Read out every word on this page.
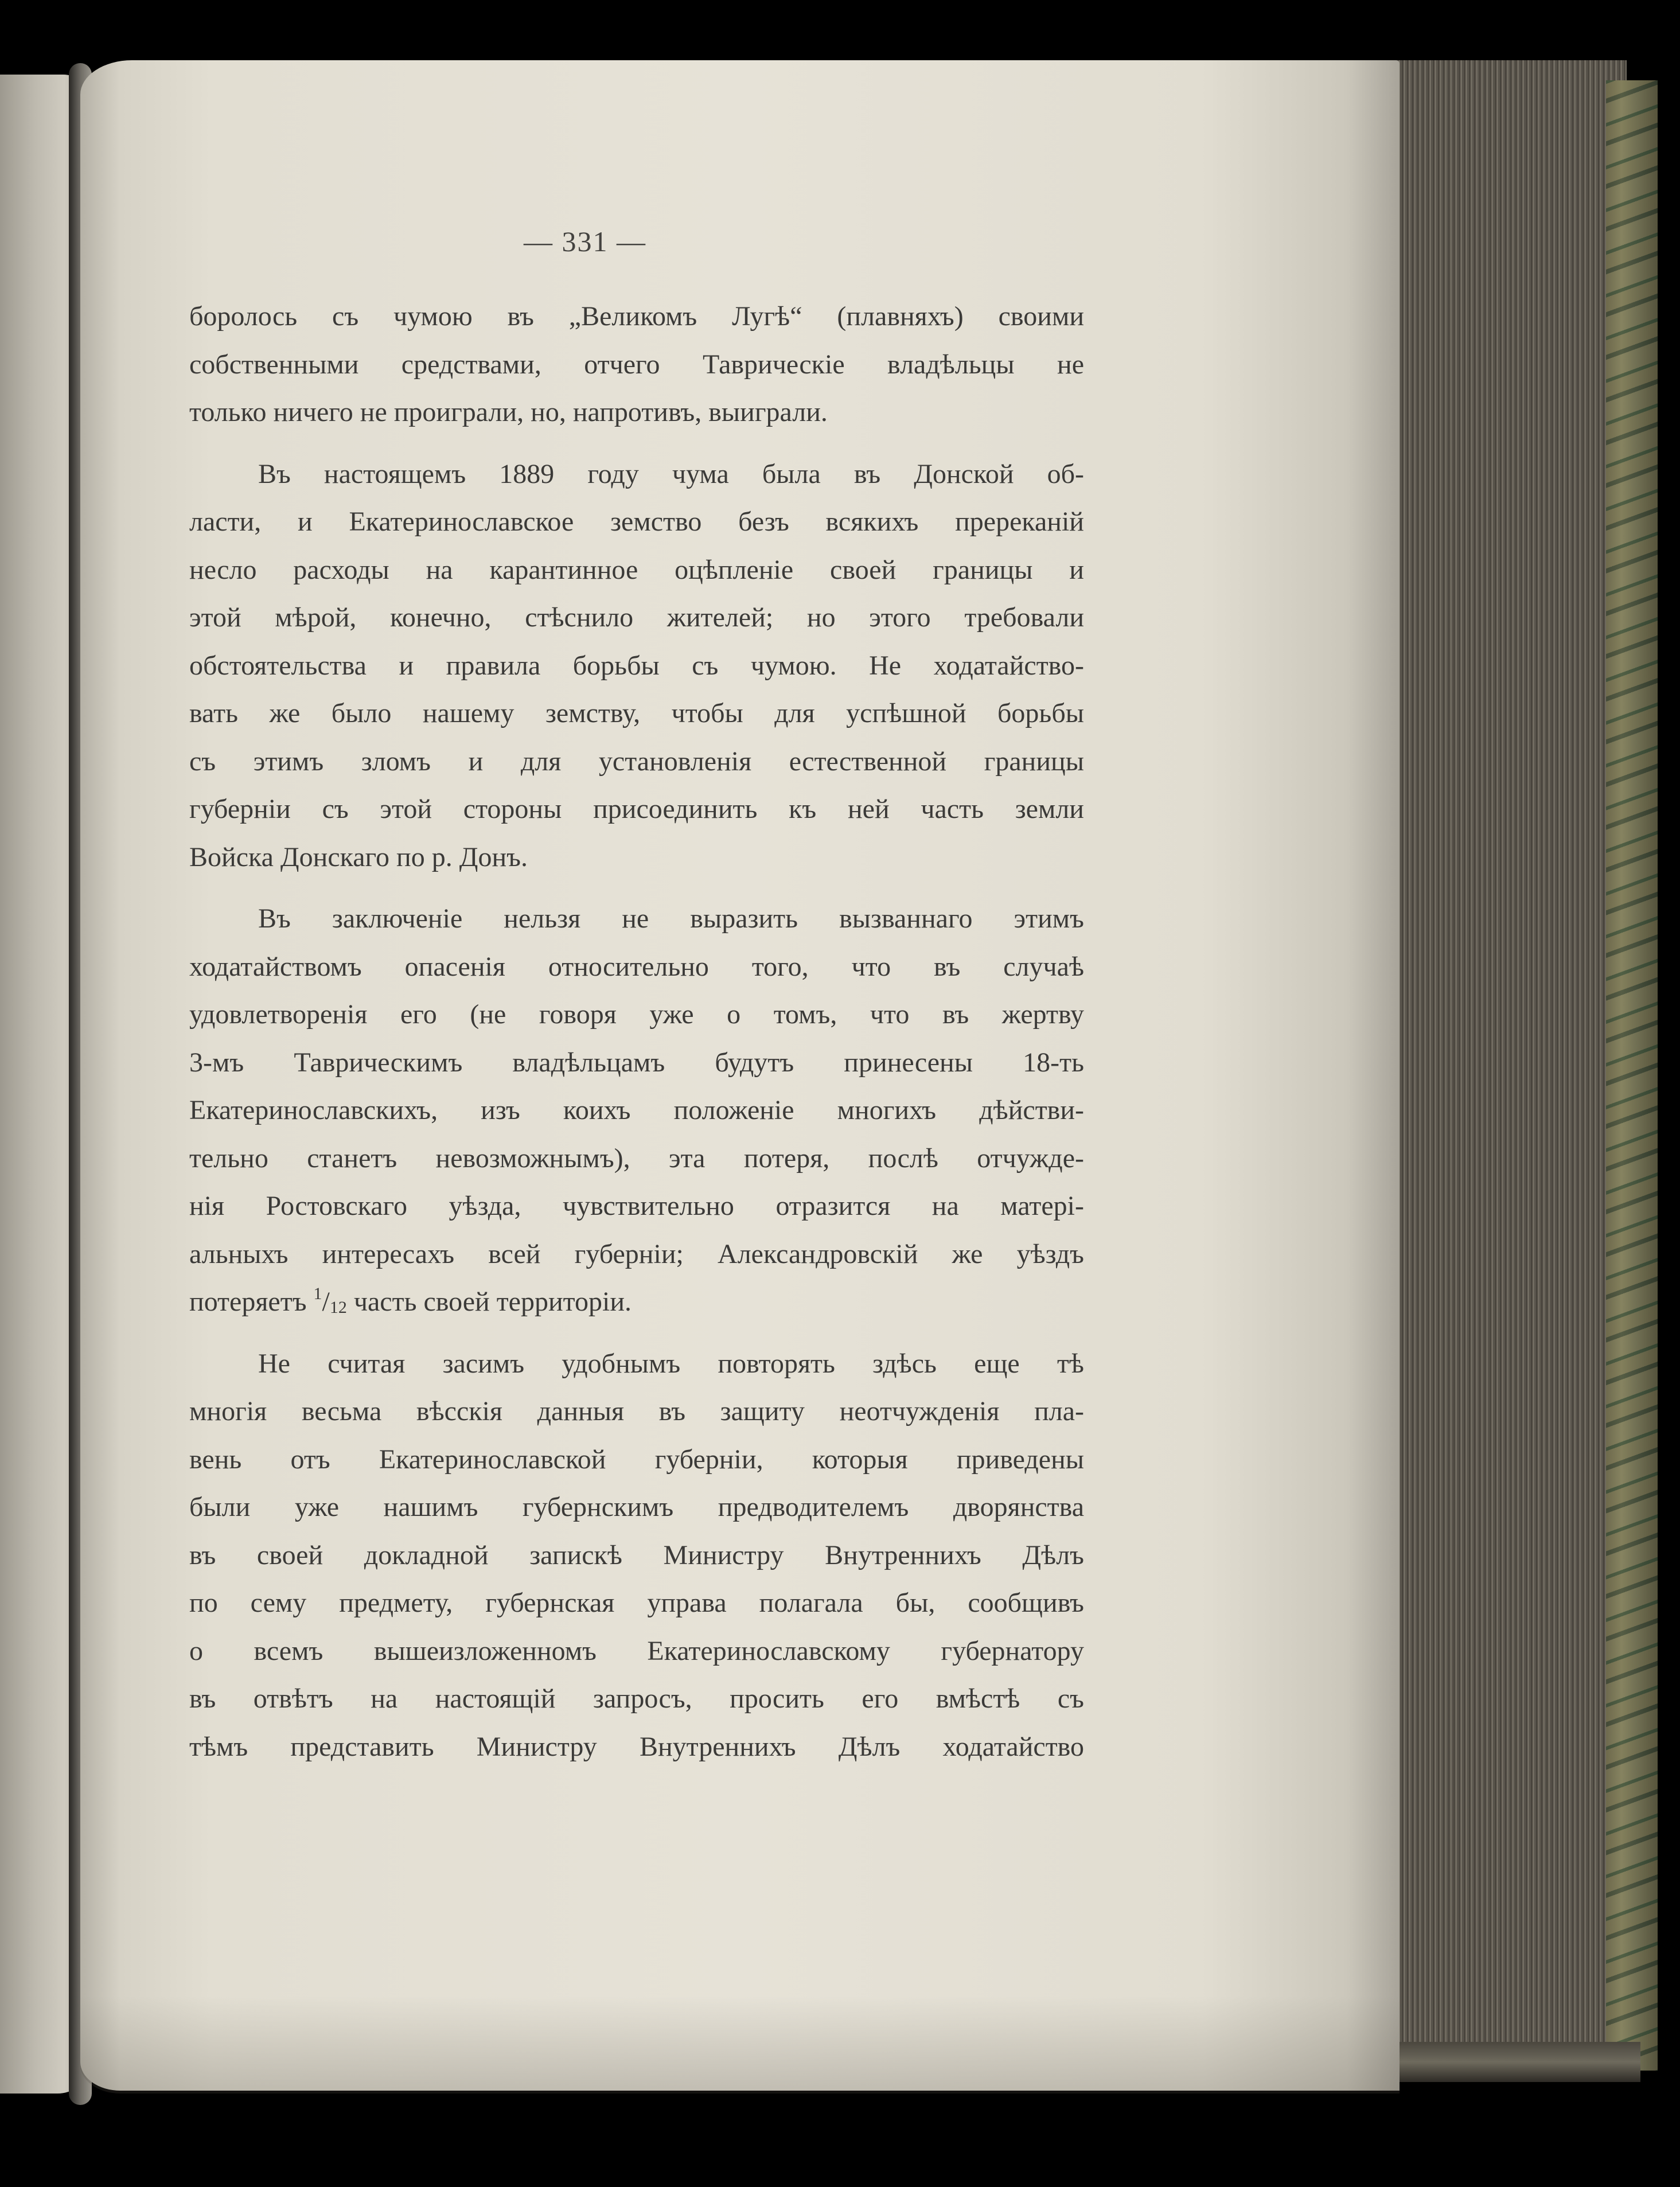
— 331 —
боролось съ чумою въ „Великомъ Лугѣ“ (плавняхъ) своими
собственными средствами, отчего Таврическіе владѣльцы не
только ничего не проиграли, но, напротивъ, выиграли.
Въ настоящемъ 1889 году чума была въ Донской об-
ласти, и Екатеринославское земство безъ всякихъ пререканій
несло расходы на карантинное оцѣпленіе своей границы и
этой мѣрой, конечно, стѣснило жителей; но этого требовали
обстоятельства и правила борьбы съ чумою. Не ходатайство-
вать же было нашему земству, чтобы для успѣшной борьбы
съ этимъ зломъ и для установленія естественной границы
губерніи съ этой стороны присоединить къ ней часть земли
Войска Донскаго по р. Донъ.
Въ заключеніе нельзя не выразить вызваннаго этимъ
ходатайствомъ опасенія относительно того, что въ случаѣ
удовлетворенія его (не говоря уже о томъ, что въ жертву
3-мъ Таврическимъ владѣльцамъ будутъ принесены 18-ть
Екатеринославскихъ, изъ коихъ положеніе многихъ дѣйстви-
тельно станетъ невозможнымъ), эта потеря, послѣ отчужде-
нія Ростовскаго уѣзда, чувствительно отразится на матері-
альныхъ интересахъ всей губерніи; Александровскій же уѣздъ
потеряетъ $^1/_{12}$ часть своей территоріи.
Не считая засимъ удобнымъ повторять здѣсь еще тѣ
многія весьма вѣсскія данныя въ защиту неотчужденія пла-
вень отъ Екатеринославской губерніи, которыя приведены
были уже нашимъ губернскимъ предводителемъ дворянства
въ своей докладной запискѣ Министру Внутреннихъ Дѣлъ
по сему предмету, губернская управа полагала бы, сообщивъ
о всемъ вышеизложенномъ Екатеринославскому губернатору
въ отвѣтъ на настоящій запросъ, просить его вмѣстѣ съ
тѣмъ представить Министру Внутреннихъ Дѣлъ ходатайство
